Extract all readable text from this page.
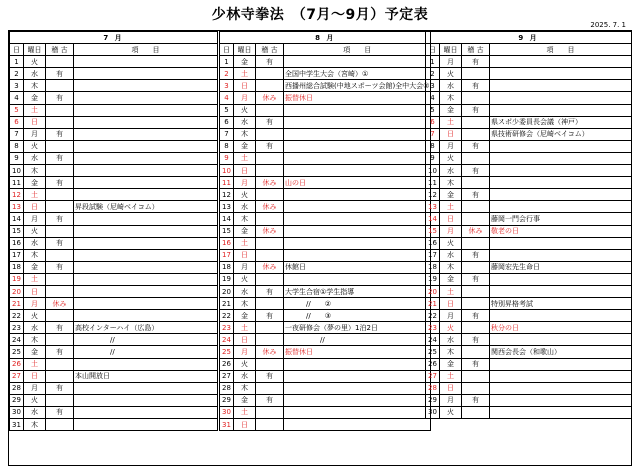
少林寺拳法　（7月～9月）予定表
2025. 7. 1
7 月			
日	曜日	稽 古	項　　目
1	火		
2	水	有	
3	木		
4	金	有	
5	土		
6	日		
7	月	有	
8	火		
9	水	有	
10	木		
11	金	有	
12	土		
13	日		昇段試験（尼崎ベイコム）
14	月	有	
15	火		
16	水	有	
17	木		
18	金	有	
19	土		
20	日		
21	月	休み	
22	火		
23	水	有	高校インターハイ（広島）
24	木		　　　　　//
25	金	有	　　　　　//
26	土		
27	日		本山開放日
28	月	有	
29	火		
30	水	有	
31	木		
8 月			
日	曜日	稽 古	項　　目
1	金	有	
2	土		全国中学生大会（宮崎）①
3	日		西播州総合試験(中地スポーツ会館)全中大会②
4	月	休み	振替休日
5	火		
6	水	有	
7	木		
8	金	有	
9	土		
10	日		
11	月	休み	山の日
12	火		
13	水	休み	
14	木		
15	金	休み	
16	土		
17	日		
18	月	休み	休館日
19	火		
20	水	有	大学生合宿①学生指導
21	木		　　　//　　②
22	金	有	　　　//　　③
23	土		一夜研修会（夢の里）1泊2日
24	日		　　　　　//
25	月	休み	振替休日
26	火		
27	水	有	
28	木		
29	金	有	
30	土		
31	日		
9 月			
日	曜日	稽 古	項　　目
1	月	有	
2	火		
3	水	有	
4	木		
5	金	有	
6	土		県スポ少委員長会議（神戸）
7	日		県技術研修会（尼崎ベイコム）
8	月	有	
9	火		
10	水	有	
11	木		
12	金	有	
13	土		
14	日		藤岡一門会行事
15	月	休み	敬老の日
16	火		
17	水	有	
18	木		藤岡宏先生命日
19	金	有	
20	土		
21	日		特別昇格考試
22	月	有	
23	火		秋分の日
24	水	有	
25	木		関西会長会（和歌山）
26	金	有	
27	土		
28	日		
29	月	有	
30	火		
